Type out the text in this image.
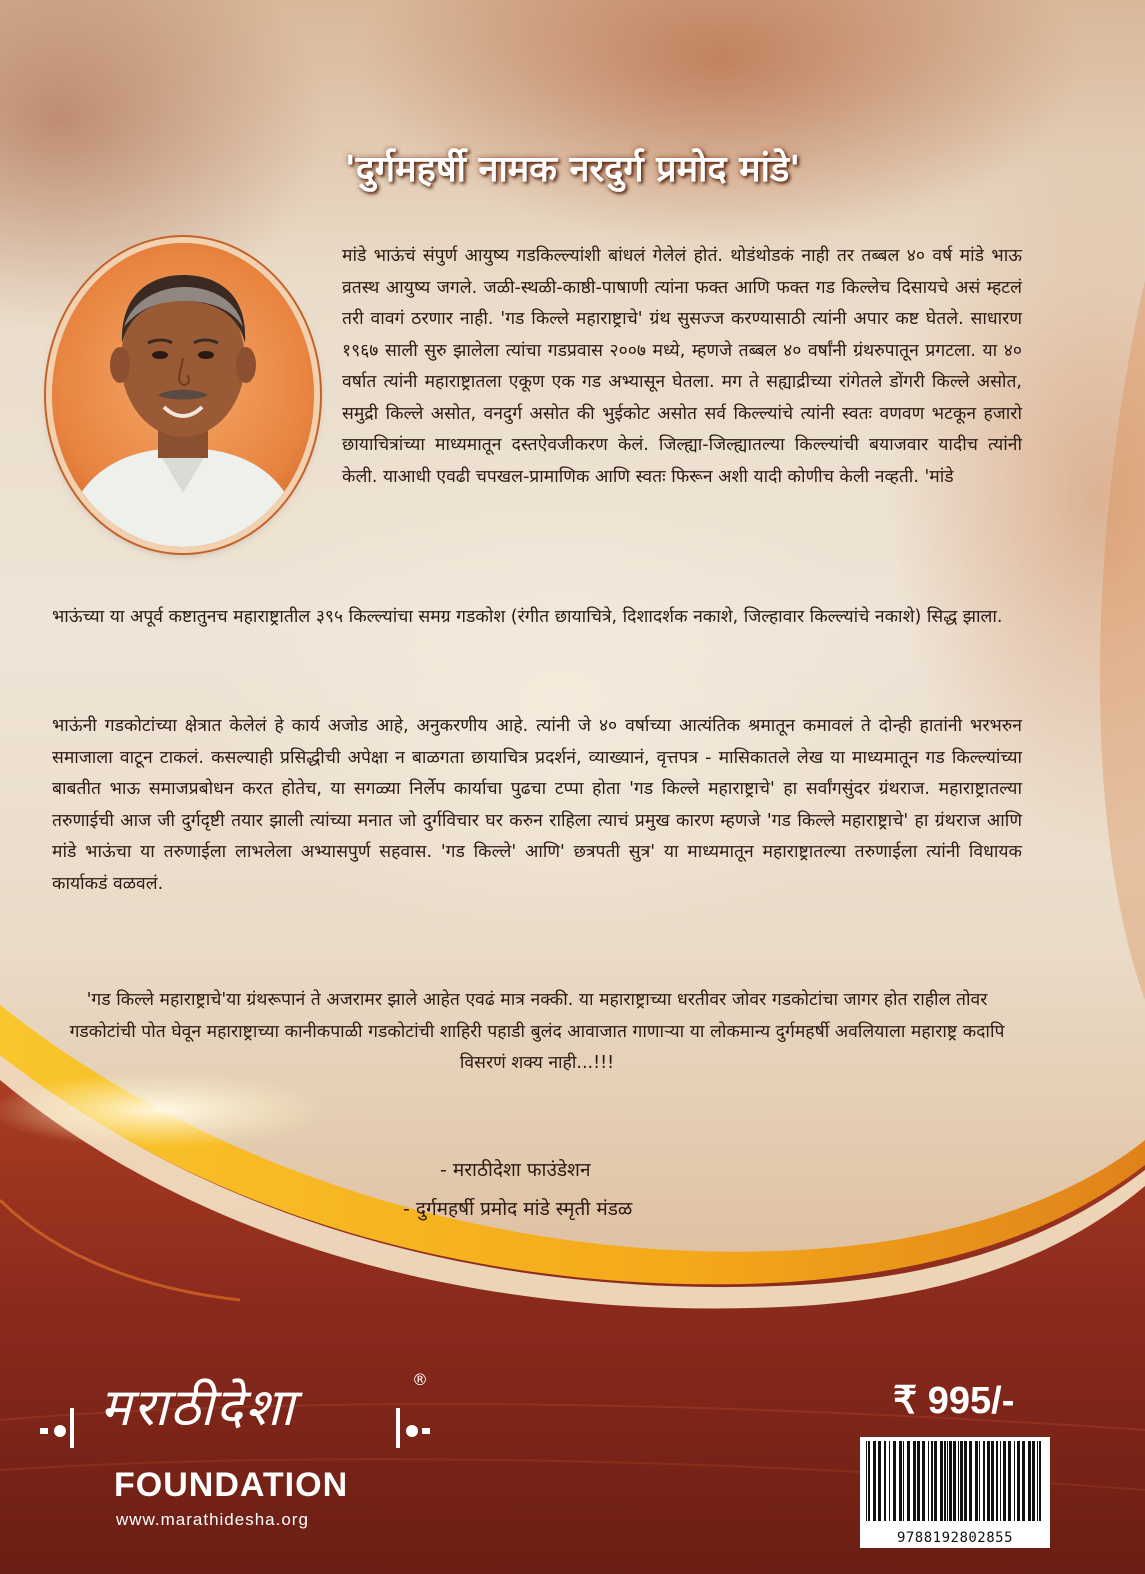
'दुर्गमहर्षी नामक नरदुर्ग प्रमोद मांडे'

मांडे भाऊंचं संपुर्ण आयुष्य गडकिल्ल्यांशी बांधलं गेलेलं होतं. थोडंथोडकं नाही तर तब्बल ४० वर्ष मांडे भाऊ व्रतस्थ आयुष्य जगले. जळी-स्थळी-काष्ठी-पाषाणी त्यांना फक्त आणि फक्त गड किल्लेच दिसायचे असं म्हटलं तरी वावगं ठरणार नाही. 'गड किल्ले महाराष्ट्राचे' ग्रंथ सुसज्ज करण्यासाठी त्यांनी अपार कष्ट घेतले. साधारण १९६७ साली सुरु झालेला त्यांचा गडप्रवास २००७ मध्ये, म्हणजे तब्बल ४० वर्षांनी ग्रंथरुपातून प्रगटला. या ४० वर्षात त्यांनी महाराष्ट्रातला एकूण एक गड अभ्यासून घेतला. मग ते सह्याद्रीच्या रांगेतले डोंगरी किल्ले असोत, समुद्री किल्ले असोत, वनदुर्ग असोत की भुईकोट असोत सर्व किल्ल्यांचे त्यांनी स्वतः वणवण भटकून हजारो छायाचित्रांच्या माध्यमातून दस्तऐवजीकरण केलं. जिल्ह्या-जिल्ह्यातल्या किल्ल्यांची बयाजवार यादीच त्यांनी केली. याआधी एवढी चपखल-प्रामाणिक आणि स्वतः फिरून अशी यादी कोणीच केली नव्हती. 'मांडे

भाऊंच्या या अपूर्व कष्टातुनच महाराष्ट्रातील ३९५ किल्ल्यांचा समग्र गडकोश (रंगीत छायाचित्रे, दिशादर्शक नकाशे, जिल्हावार किल्ल्यांचे नकाशे) सिद्ध झाला.

भाऊंनी गडकोटांच्या क्षेत्रात केलेलं हे कार्य अजोड आहे, अनुकरणीय आहे. त्यांनी जे ४० वर्षाच्या आत्यंतिक श्रमातून कमावलं ते दोन्ही हातांनी भरभरुन समाजाला वाटून टाकलं. कसल्याही प्रसिद्धीची अपेक्षा न बाळगता छायाचित्र प्रदर्शनं, व्याख्यानं, वृत्तपत्र - मासिकातले लेख या माध्यमातून गड किल्ल्यांच्या बाबतीत भाऊ समाजप्रबोधन करत होतेच, या सगळ्या निर्लेप कार्याचा पुढचा टप्पा होता 'गड किल्ले महाराष्ट्राचे' हा सर्वांगसुंदर ग्रंथराज. महाराष्ट्रातल्या तरुणाईची आज जी दुर्गदृष्टी तयार झाली त्यांच्या मनात जो दुर्गविचार घर करुन राहिला त्याचं प्रमुख कारण म्हणजे 'गड किल्ले महाराष्ट्राचे' हा ग्रंथराज आणि मांडे भाऊंचा या तरुणाईला लाभलेला अभ्यासपुर्ण सहवास. 'गड किल्ले' आणि' छत्रपती सुत्र' या माध्यमातून महाराष्ट्रातल्या तरुणाईला त्यांनी विधायक कार्याकडं वळवलं.

'गड किल्ले महाराष्ट्राचे'या ग्रंथरूपानं ते अजरामर झाले आहेत एवढं मात्र नक्की. या महाराष्ट्राच्या धरतीवर जोवर गडकोटांचा जागर होत राहील तोवर गडकोटांची पोत घेवून महाराष्ट्राच्या कानीकपाळी गडकोटांची शाहिरी पहाडी बुलंद आवाजात गाणाऱ्या या लोकमान्य दुर्गमहर्षी अवलियाला महाराष्ट्र कदापि विसरणं शक्य नाही...!!!

- मराठीदेशा फाउंडेशन

- दुर्गमहर्षी प्रमोद मांडे स्मृती मंडळ

मराठीदेशा	®
FOUNDATION
www.marathidesha.org
₹ 995/-
9788192802855
